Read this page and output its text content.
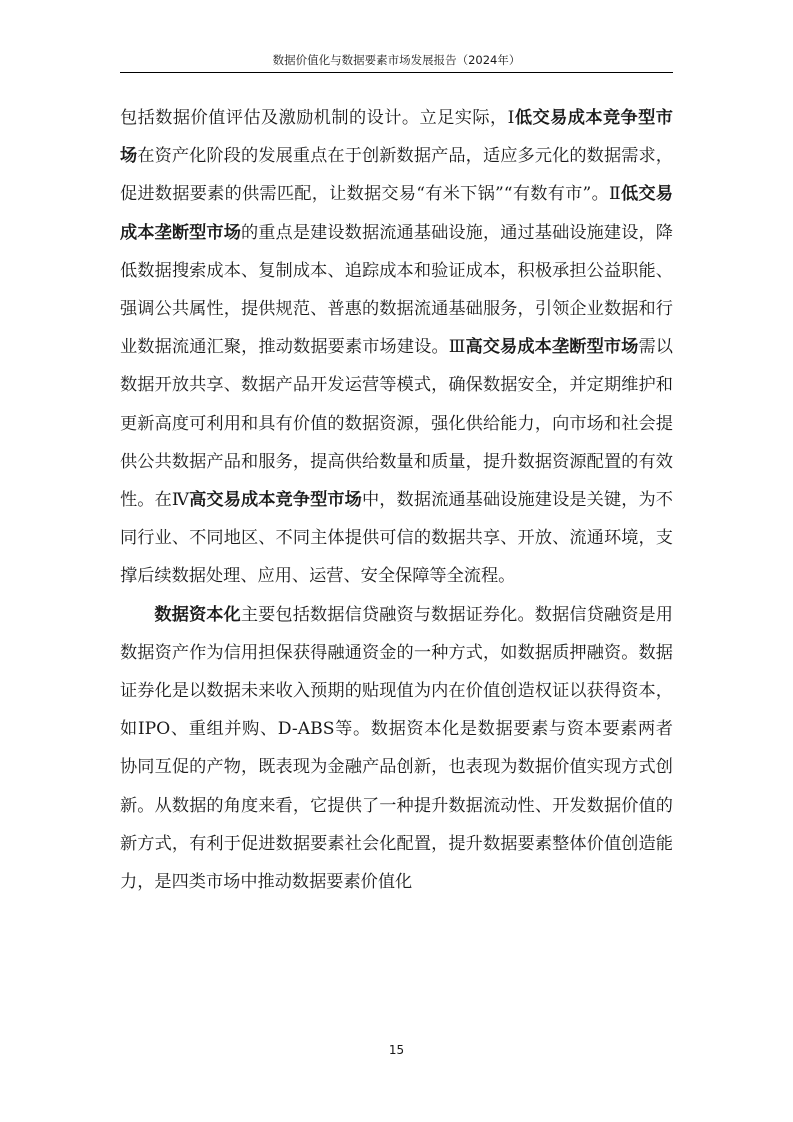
数据价值化与数据要素市场发展报告（2024年）

包括数据价值评估及激励机制的设计。立足实际，Ⅰ低交易成本竞争型市场在资产化阶段的发展重点在于创新数据产品，适应多元化的数据需求，促进数据要素的供需匹配，让数据交易“有米下锅”“有数有市”。Ⅱ低交易成本垄断型市场的重点是建设数据流通基础设施，通过基础设施建设，降低数据搜索成本、复制成本、追踪成本和验证成本，积极承担公益职能、强调公共属性，提供规范、普惠的数据流通基础服务，引领企业数据和行业数据流通汇聚，推动数据要素市场建设。Ⅲ高交易成本垄断型市场需以数据开放共享、数据产品开发运营等模式，确保数据安全，并定期维护和更新高度可利用和具有价值的数据资源，强化供给能力，向市场和社会提供公共数据产品和服务，提高供给数量和质量，提升数据资源配置的有效性。在Ⅳ高交易成本竞争型市场中，数据流通基础设施建设是关键，为不同行业、不同地区、不同主体提供可信的数据共享、开放、流通环境，支撑后续数据处理、应用、运营、安全保障等全流程。

数据资本化主要包括数据信贷融资与数据证券化。数据信贷融资是用数据资产作为信用担保获得融通资金的一种方式，如数据质押融资。数据证券化是以数据未来收入预期的贴现值为内在价值创造权证以获得资本，如IPO、重组并购、D-ABS等。数据资本化是数据要素与资本要素两者协同互促的产物，既表现为金融产品创新，也表现为数据价值实现方式创新。从数据的角度来看，它提供了一种提升数据流动性、开发数据价值的新方式，有利于促进数据要素社会化配置，提升数据要素整体价值创造能力，是四类市场中推动数据要素价值化

15
